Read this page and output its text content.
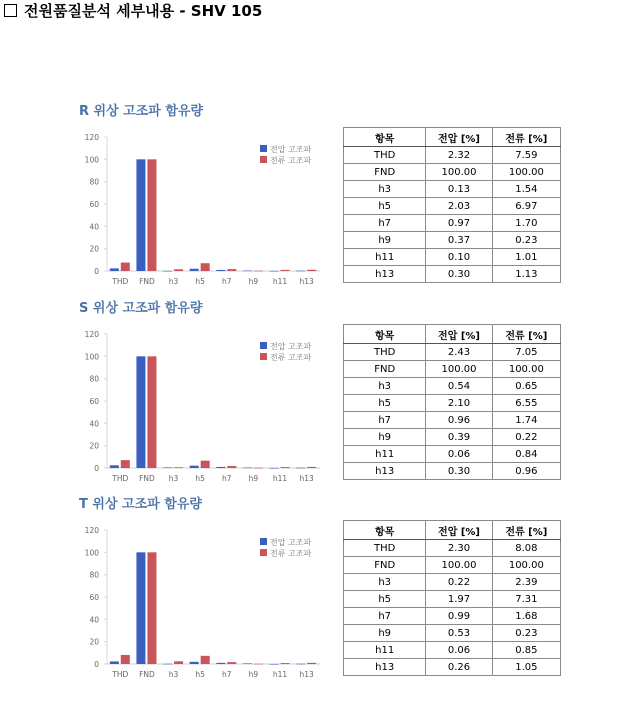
전원품질분석 세부내용 - SHV 105
R 위상 고조파 함유량
0
20
40
60
80
100
120
THD FND h3 h5 h7 h9 h11 h13
전압 고조파
전류 고조파
항목	전압 [%]	전류 [%]
THD	2.32	7.59
FND	100.00	100.00
h3	0.13	1.54
h5	2.03	6.97
h7	0.97	1.70
h9	0.37	0.23
h11	0.10	1.01
h13	0.30	1.13
S 위상 고조파 함유량
0
20
40
60
80
100
120
THD FND h3 h5 h7 h9 h11 h13
전압 고조파
전류 고조파
항목	전압 [%]	전류 [%]
THD	2.43	7.05
FND	100.00	100.00
h3	0.54	0.65
h5	2.10	6.55
h7	0.96	1.74
h9	0.39	0.22
h11	0.06	0.84
h13	0.30	0.96
T 위상 고조파 함유량
0
20
40
60
80
100
120
THD FND h3 h5 h7 h9 h11 h13
전압 고조파
전류 고조파
항목	전압 [%]	전류 [%]
THD	2.30	8.08
FND	100.00	100.00
h3	0.22	2.39
h5	1.97	7.31
h7	0.99	1.68
h9	0.53	0.23
h11	0.06	0.85
h13	0.26	1.05
